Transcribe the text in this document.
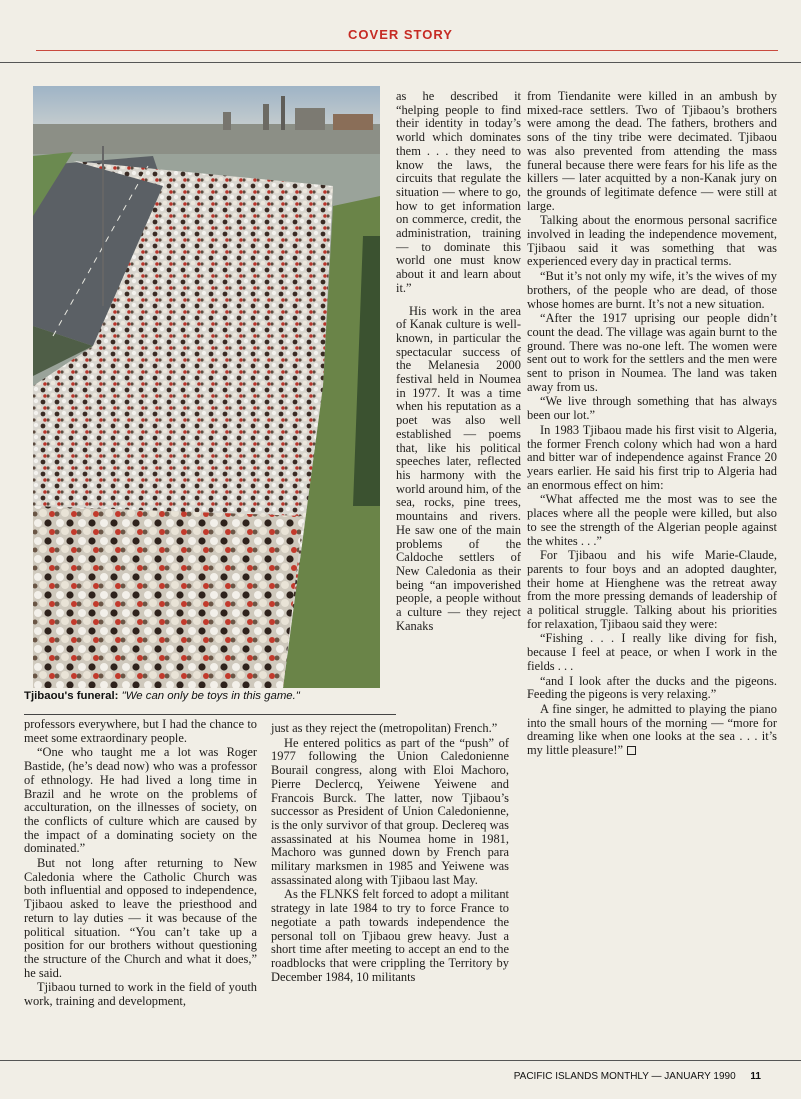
COVER STORY
Tjibaou's funeral: "We can only be toys in this game."

as he described it “helping people to find their identity in today’s world which dominates them . . . they need to know the laws, the circuits that regulate the situation — where to go, how to get information on commerce, credit, the administration, training — to dominate this world one must know about it and learn about it.”

His work in the area of Kanak culture is well-known, in particular the spectacular success of the Melanesia 2000 festival held in Noumea in 1977. It was a time when his reputation as a poet was also well established — poems that, like his political speeches later, reflected his harmony with the world around him, of the sea, rocks, pine trees, mountains and rivers. He saw one of the main problems of the Caldoche settlers of New Caledonia as their being “an impoverished people, a people without a culture — they reject Kanaks

professors everywhere, but I had the chance to meet some extraordinary people.

“One who taught me a lot was Roger Bastide, (he’s dead now) who was a professor of ethnology. He had lived a long time in Brazil and he wrote on the problems of acculturation, on the illnesses of society, on the conflicts of culture which are caused by the impact of a dominating society on the dominated.”

But not long after returning to New Caledonia where the Catholic Church was both influential and opposed to independence, Tjibaou asked to leave the priesthood and return to lay duties — it was because of the political situation. “You can’t take up a position for our brothers without questioning the structure of the Church and what it does,” he said.

Tjibaou turned to work in the field of youth work, training and development,

just as they reject the (metropolitan) French.”

He entered politics as part of the “push” of 1977 following the Union Caledonienne Bourail congress, along with Eloi Machoro, Pierre Declercq, Yeiwene Yeiwene and Francois Burck. The latter, now Tjibaou’s successor as President of Union Caledonienne, is the only survivor of that group. Declereq was assassinated at his Noumea home in 1981, Machoro was gunned down by French para military marksmen in 1985 and Yeiwene was assassinated along with Tjibaou last May.

As the FLNKS felt forced to adopt a militant strategy in late 1984 to try to force France to negotiate a path towards independence the personal toll on Tjibaou grew heavy. Just a short time after meeting to accept an end to the roadblocks that were crippling the Territory by December 1984, 10 militants

from Tiendanite were killed in an ambush by mixed-race settlers. Two of Tjibaou’s brothers were among the dead. The fathers, brothers and sons of the tiny tribe were decimated. Tjibaou was also prevented from attending the mass funeral because there were fears for his life as the killers — later acquitted by a non-Kanak jury on the grounds of legitimate defence — were still at large.

Talking about the enormous personal sacrifice involved in leading the independence movement, Tjibaou said it was something that was experienced every day in practical terms.

“But it’s not only my wife, it’s the wives of my brothers, of the people who are dead, of those whose homes are burnt. It’s not a new situation.

“After the 1917 uprising our people didn’t count the dead. The village was again burnt to the ground. There was no-one left. The women were sent out to work for the settlers and the men were sent to prison in Noumea. The land was taken away from us.

“We live through something that has always been our lot.”

In 1983 Tjibaou made his first visit to Algeria, the former French colony which had won a hard and bitter war of independence against France 20 years earlier. He said his first trip to Algeria had an enormous effect on him:

“What affected me the most was to see the places where all the people were killed, but also to see the strength of the Algerian people against the whites . . .”

For Tjibaou and his wife Marie-Claude, parents to four boys and an adopted daughter, their home at Hienghene was the retreat away from the more pressing demands of leadership of a political struggle. Talking about his priorities for relaxation, Tjibaou said they were:

“Fishing . . . I really like diving for fish, because I feel at peace, or when I work in the fields . . .

“and I look after the ducks and the pigeons. Feeding the pigeons is very relaxing.”

A fine singer, he admitted to playing the piano into the small hours of the morning — “more for dreaming like when one looks at the sea . . . it’s my little pleasure!”

PACIFIC ISLANDS MONTHLY — JANUARY 1990 11
